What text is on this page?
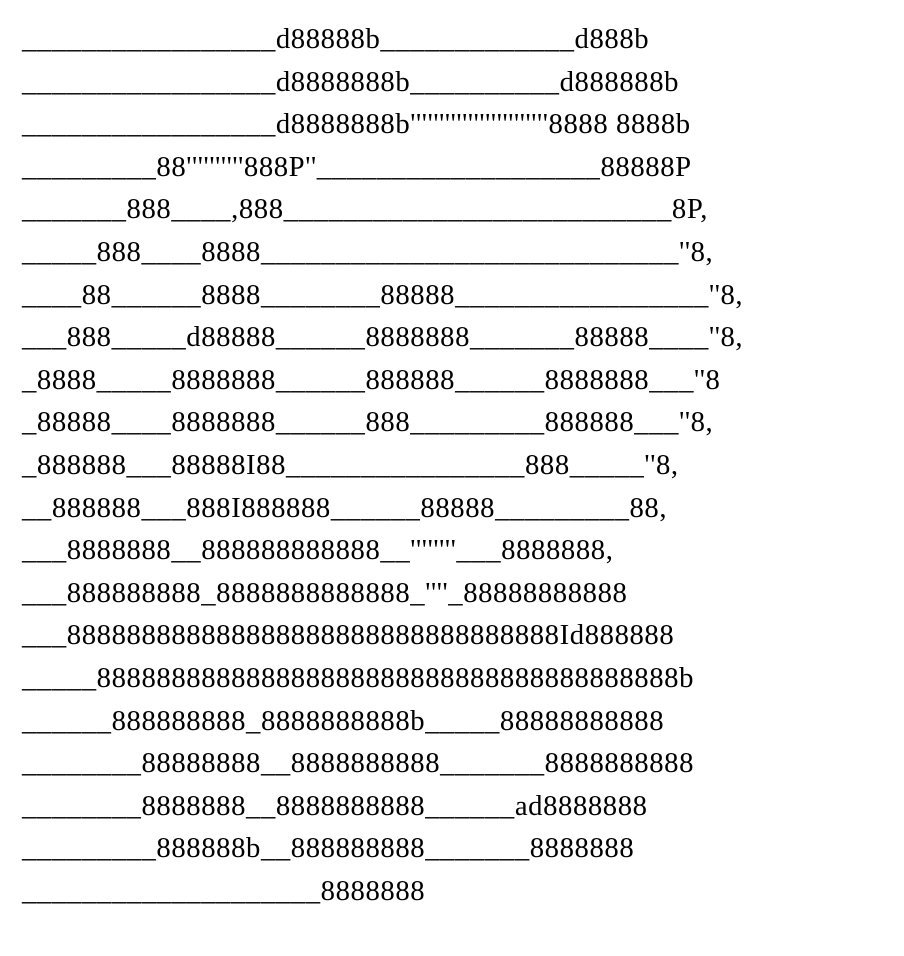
_________________d88888b_____________d888b
_________________d8888888b__________d888888b
_________________d8888888b''''''''''''''''''''''''8888 8888b
_________88''''''''''888P''___________________88888P
_______888____,888__________________________8P,
_____888____8888____________________________''8,
____88______8888________88888_________________''8,
___888_____d88888______8888888_______88888____''8,
_8888_____8888888______888888______8888888___''8
_88888____8888888______888_________888888___''8,
_888888___88888I88________________888_____''8,
__888888___888I888888______88888_________88,
___8888888__888888888888__''''''''___8888888,
___888888888_8888888888888_''''_88888888888
___888888888888888888888888888888888Id888888
_____888888888888888888888888888888888888888b
______888888888_8888888888b_____88888888888
________88888888__8888888888_______8888888888
________8888888__8888888888______ad8888888
_________888888b__888888888_______8888888
____________________8888888
